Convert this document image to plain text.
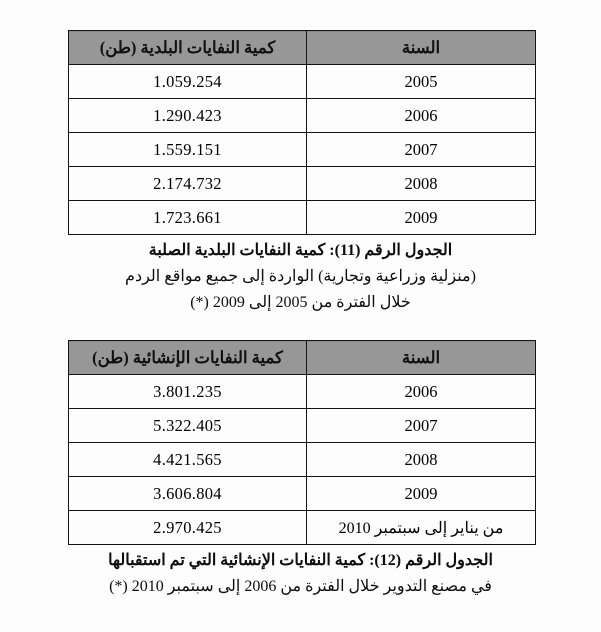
السنة	كمية النفايات البلدية (طن)
2005	1.059.254
2006	1.290.423
2007	1.559.151
2008	2.174.732
2009	1.723.661
الجدول الرقم (11): كمية النفايات البلدية الصلبة
(منزلية وزراعية وتجارية) الواردة إلى جميع مواقع الردم
خلال الفترة من 2005 إلى 2009 (*)
السنة	كمية النفايات الإنشائية (طن)
2006	3.801.235
2007	5.322.405
2008	4.421.565
2009	3.606.804
من يناير إلى سبتمبر 2010	2.970.425
الجدول الرقم (12): كمية النفايات الإنشائية التي تم استقبالها
في مصنع التدوير خلال الفترة من 2006 إلى سبتمبر 2010 (*)
